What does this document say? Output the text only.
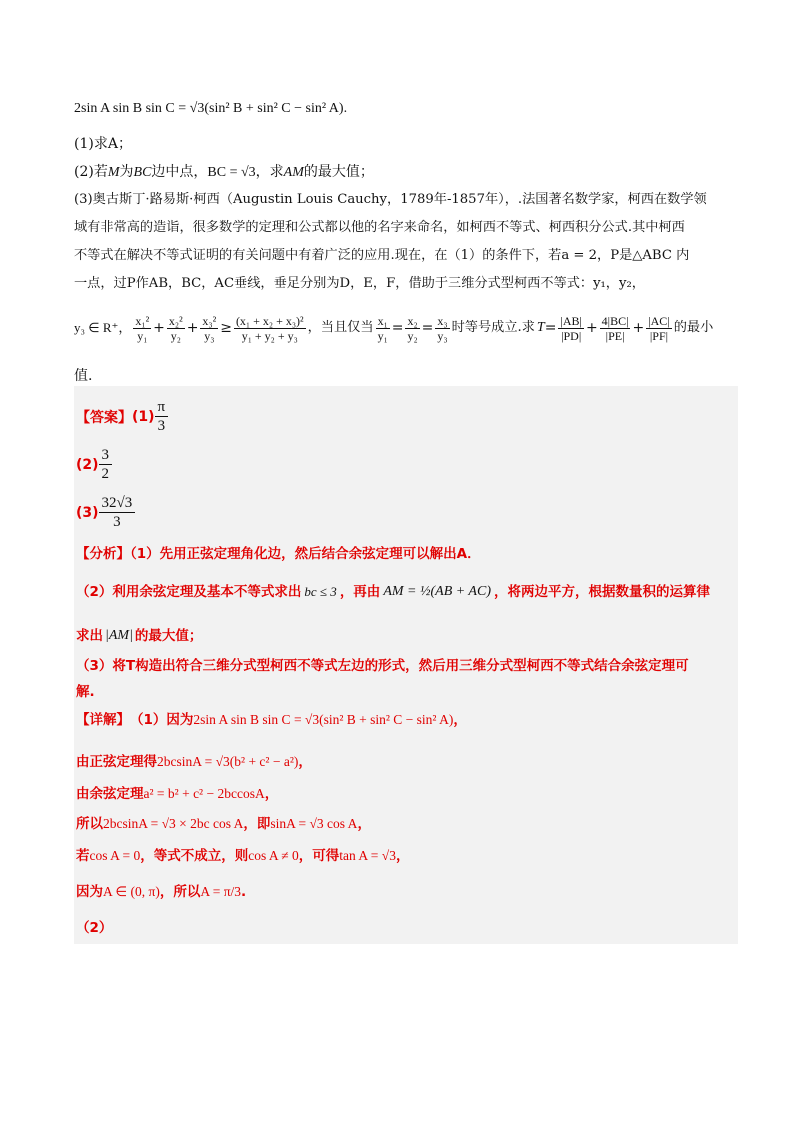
2sin A sin B sin C = √3(sin² B + sin² C − sin² A).
(1)求A；
(2)若M为BC边中点，BC = √3，求AM的最大值；
(3)奥古斯丁·路易斯·柯西（Augustin Louis Cauchy，1789年-1857年），.法国著名数学家，柯西在数学领
域有非常高的造诣，很多数学的定理和公式都以他的名字来命名，如柯西不等式、柯西积分公式.其中柯西
不等式在解决不等式证明的有关问题中有着广泛的应用.现在，在（1）的条件下，若a = 2，P是△ABC 内
一点，过P作AB，BC，AC垂线，垂足分别为D，E，F，借助于三维分式型柯西不等式：y₁，y₂，
y₃ ∈ R⁺， $\frac{\text{x₁²}}{\text{y₁}} + \frac{\text{x₂²}}{\text{y₂}} + \frac{\text{x₃²}}{\text{y₃}} \ge \frac{\text{(x₁ + x₂ + x₃)²}}{\text{y₁ + y₂ + y₃}}$ ，当且仅当 $\frac{\text{x₁}}{\text{y₁}} = \frac{\text{x₂}}{\text{y₂}} = \frac{\text{x₃}}{\text{y₃}}$ 时等号成立.求 $T = \frac{|AB|}{|PD|} + \frac{4|BC|}{|PE|} + \frac{|AC|}{|PF|}$ 的最小
值.
【答案】 (1)
π
3
(2)
3
2
(3)
32√3
3
【分析】（1）先用正弦定理角化边，然后结合余弦定理可以解出A．
（2）利用余弦定理及基本不等式求出 bc ≤ 3 ，再由 AM = ½(AB + AC) ，将两边平方，根据数量积的运算律
求出 |AM| 的最大值；
（3）将T构造出符合三维分式型柯西不等式左边的形式，然后用三维分式型柯西不等式结合余弦定理可
解.
【详解】 （1）因为 2sin A sin B sin C = √3(sin² B + sin² C − sin² A) ，
由正弦定理得 2bcsinA = √3(b² + c² − a²) ，
由余弦定理 a² = b² + c² − 2bccosA ，
所以 2bcsinA = √3 × 2bc cos A ，即 sinA = √3 cos A ，
若 cos A = 0 ，等式不成立，则 cos A ≠ 0 ，可得 tan A = √3 ，
因为 A ∈ (0, π) ，所以 A = π/3 .
（2）
